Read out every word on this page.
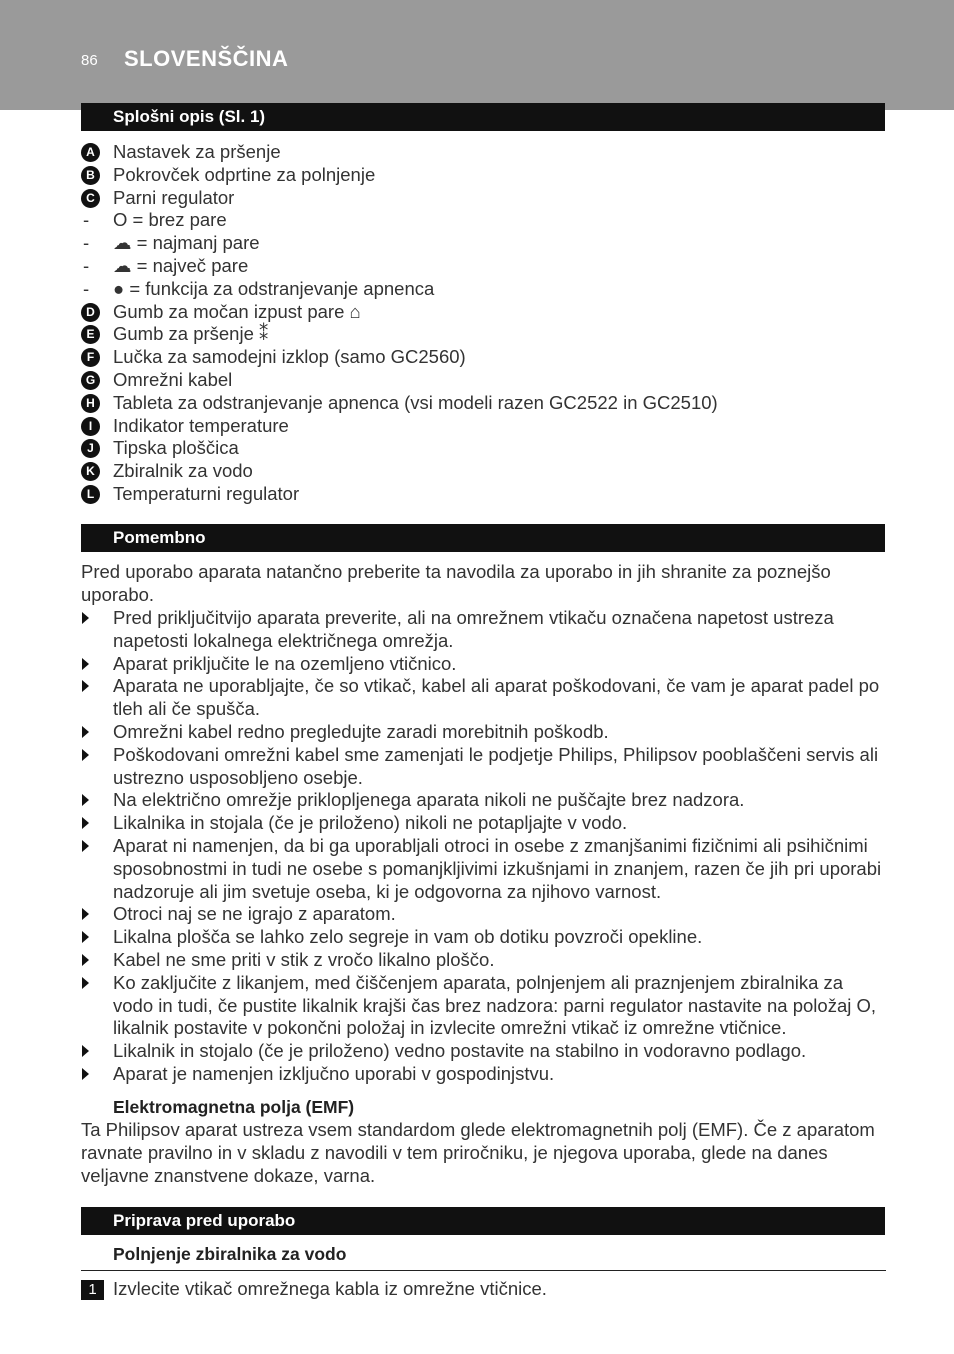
86 SLOVENŠČINA
Splošni opis (Sl. 1)
A Nastavek za pršenje
B Pokrovček odprtine za polnjenje
C Parni regulator
- O = brez pare
- ☁ = najmanj pare
- ☁ = največ pare
- ● = funkcija za odstranjevanje apnenca
D Gumb za močan izpust pare ⌂
E Gumb za pršenje ⁑
F	Lučka za samodejni izklop (samo GC2560)
G Omrežni kabel
H Tableta za odstranjevanje apnenca (vsi modeli razen GC2522 in GC2510)
I	Indikator temperature
J	Tipska ploščica
K Zbiralnik za vodo
L	Temperaturni regulator
Pomembno

Pred uporabo aparata natančno preberite ta navodila za uporabo in jih shranite za poznejšo uporabo.

Pred priključitvijo aparata preverite, ali na omrežnem vtikaču označena napetost ustreza napetosti lokalnega električnega omrežja.
Aparat priključite le na ozemljeno vtičnico.
Aparata ne uporabljajte, če so vtikač, kabel ali aparat poškodovani, če vam je aparat padel po tleh ali če spušča.
Omrežni kabel redno pregledujte zaradi morebitnih poškodb.
Poškodovani omrežni kabel sme zamenjati le podjetje Philips, Philipsov pooblaščeni servis ali ustrezno usposobljeno osebje.
Na električno omrežje priklopljenega aparata nikoli ne puščajte brez nadzora.
Likalnika in stojala (če je priloženo) nikoli ne potapljajte v vodo.
Aparat ni namenjen, da bi ga uporabljali otroci in osebe z zmanjšanimi fizičnimi ali psihičnimi sposobnostmi in tudi ne osebe s pomanjkljivimi izkušnjami in znanjem, razen če jih pri uporabi nadzoruje ali jim svetuje oseba, ki je odgovorna za njihovo varnost.
Otroci naj se ne igrajo z aparatom.
Likalna plošča se lahko zelo segreje in vam ob dotiku povzroči opekline.
Kabel ne sme priti v stik z vročo likalno ploščo.
Ko zaključite z likanjem, med čiščenjem aparata, polnjenjem ali praznjenjem zbiralnika za vodo in tudi, če pustite likalnik krajši čas brez nadzora: parni regulator nastavite na položaj O, likalnik postavite v pokončni položaj in izvlecite omrežni vtikač iz omrežne vtičnice.
Likalnik in stojalo (če je priloženo) vedno postavite na stabilno in vodoravno podlago.
Aparat je namenjen izključno uporabi v gospodinjstvu.
Elektromagnetna polja (EMF)

Ta Philipsov aparat ustreza vsem standardom glede elektromagnetnih polj (EMF). Če z aparatom ravnate pravilno in v skladu z navodili v tem priročniku, je njegova uporaba, glede na danes veljavne znanstvene dokaze, varna.

Priprava pred uporabo
Polnjenje zbiralnika za vodo
1 Izvlecite vtikač omrežnega kabla iz omrežne vtičnice.
